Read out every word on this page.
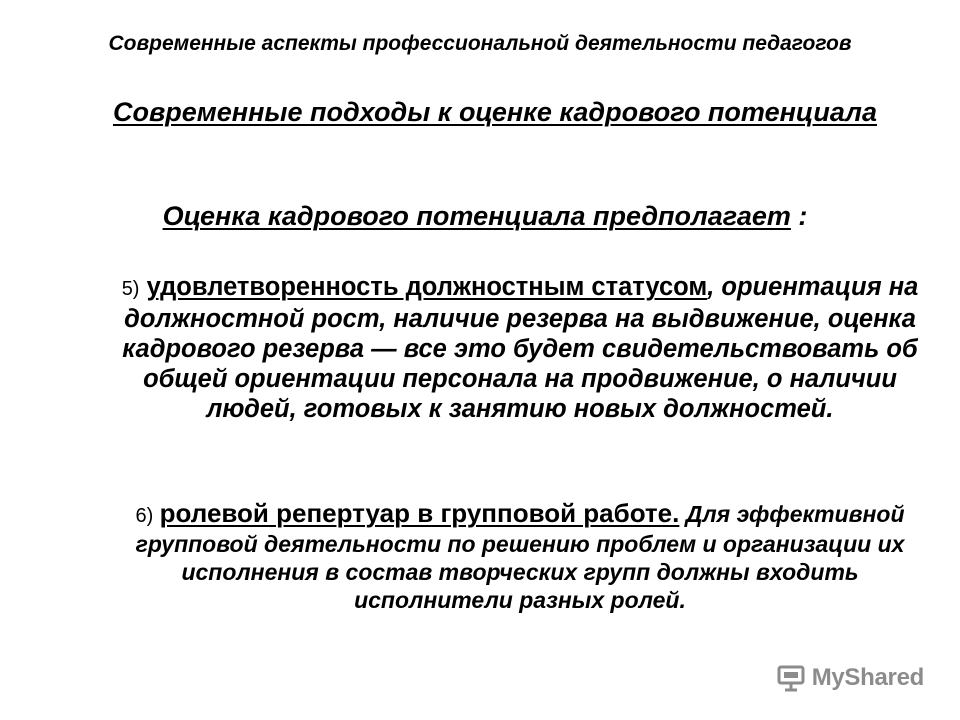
Современные аспекты профессиональной деятельности педагогов
Современные подходы к оценке кадрового потенциала
Оценка кадрового потенциала предполагает :
5) удовлетворенность должностным статусом, ориентация на должностной рост, наличие резерва на выдвижение, оценка кадрового резерва — все это будет свидетельствовать об общей ориентации персонала на продвижение, о наличии людей, готовых к занятию новых должностей.
6) ролевой репертуар в групповой работе. Для эффективной групповой деятельности по решению проблем и организации их исполнения в состав творческих групп должны входить исполнители разных ролей.
MyShared
